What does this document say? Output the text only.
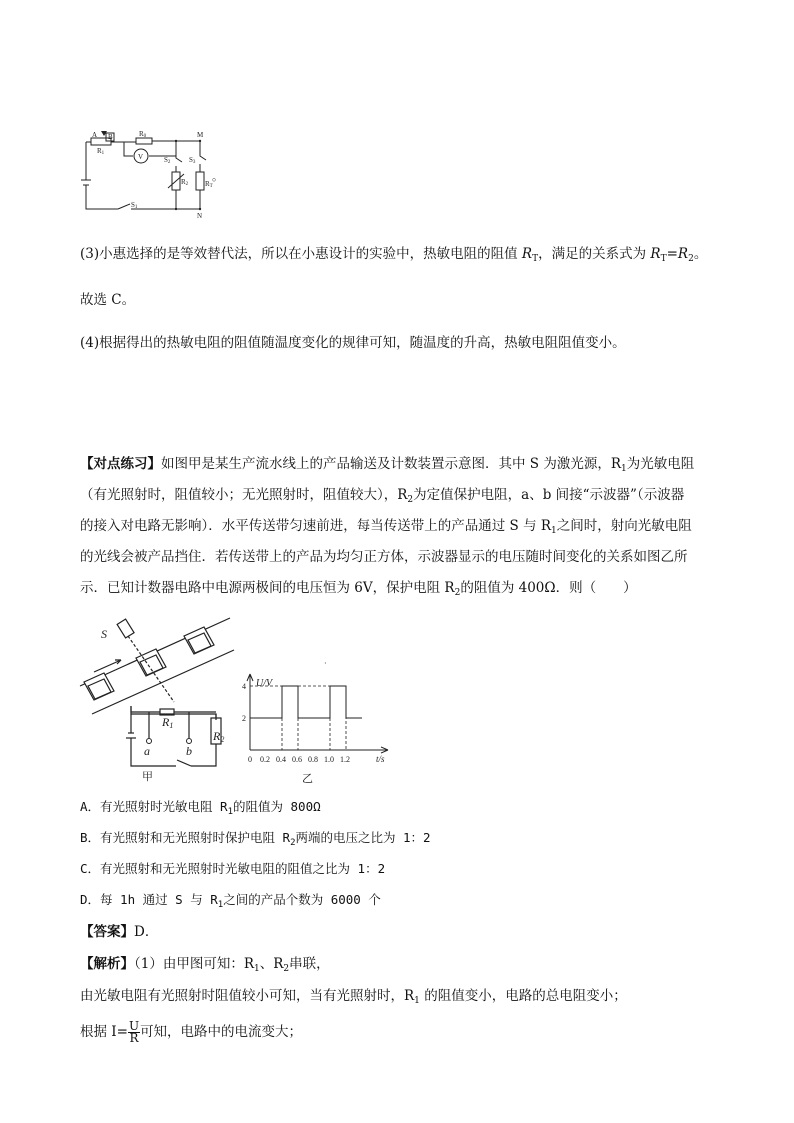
A B
R1
R0
V
M
N
S2	S3
R2 RT
S1
。
(3)小惠选择的是等效替代法，所以在小惠设计的实验中，热敏电阻的阻值 $R_T$，满足的关系式为 $R_T=R_2$。
故选 C。
(4)根据得出的热敏电阻的阻值随温度变化的规律可知，随温度的升高，热敏电阻阻值变小。
【对点练习】如图甲是某生产流水线上的产品输送及计数装置示意图．其中 S 为激光源，$R_1$为光敏电阻
（有光照射时，阻值较小；无光照射时，阻值较大），$R_2$为定值保护电阻，a、b 间接“示波器”（示波器
的接入对电路无影响）．水平传送带匀速前进，每当传送带上的产品通过 S 与 $R_1$之间时，射向光敏电阻
的光线会被产品挡住．若传送带上的产品为均匀正方体，示波器显示的电压随时间变化的关系如图乙所
示．已知计数器电路中电源两极间的电压恒为 6V，保护电阻 $R_2$的阻值为 400Ω．则（　　）
S
R1
R2
a	b
甲
·
0 0.2 0.4 0.6 0.8 1.0 1.2
4
2
U/V
t/s
乙
A．有光照射时光敏电阻 $R_1$的阻值为 800Ω
B．有光照射和无光照射时保护电阻 $R_2$两端的电压之比为 1：2
C．有光照射和无光照射时光敏电阻的阻值之比为 1：2
D．每 1h 通过 S 与 $R_1$之间的产品个数为 6000 个
【答案】D．
【解析】（1）由甲图可知：$R_1$、$R_2$串联，
由光敏电阻有光照射时阻值较小可知，当有光照射时，$R_1$ 的阻值变小，电路的总电阻变小；
根据 $I= \frac{U}{R}$ 可知，电路中的电流变大；
